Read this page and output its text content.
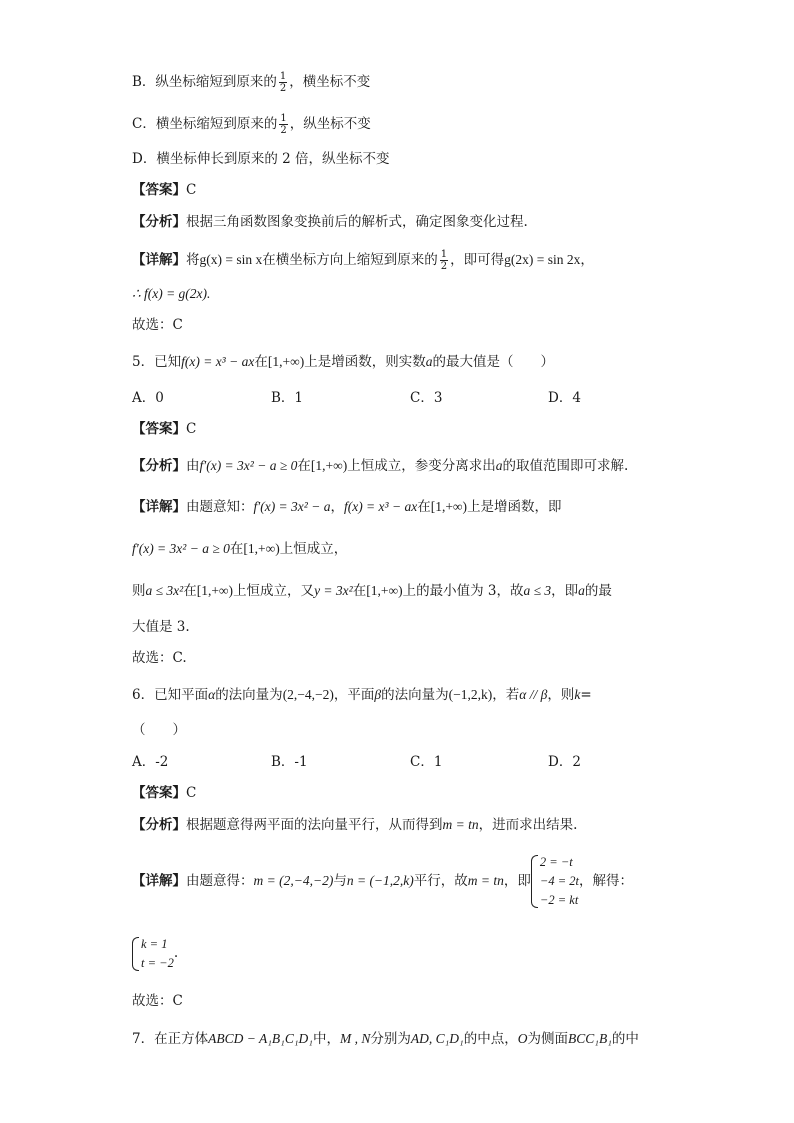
B．纵坐标缩短到原来的 $\frac{1}{2}$ ，横坐标不变
C．横坐标缩短到原来的 $\frac{1}{2}$ ，纵坐标不变
D．横坐标伸长到原来的 2 倍，纵坐标不变
【答案】C
【分析】根据三角函数图象变换前后的解析式，确定图象变化过程.
【详解】将g(x) = sin x在横坐标方向上缩短到原来的 $\frac{1}{2}$ ，即可得g(2x) = sin 2x，
∴ f(x) = g(2x).
故选：C
5．已知f(x) = x³ − ax在[1,+∞)上是增函数，则实数a的最大值是（　　）
A．0	B．1	C．3	D．4
【答案】C
【分析】由f′(x) = 3x² − a ≥ 0在[1,+∞)上恒成立，参变分离求出a的取值范围即可求解.
【详解】由题意知：f′(x) = 3x² − a，f(x) = x³ − ax在[1,+∞)上是增函数，即
f′(x) = 3x² − a ≥ 0在[1,+∞)上恒成立，
则a ≤ 3x²在[1,+∞)上恒成立，又y = 3x²在[1,+∞)上的最小值为 3，故a ≤ 3，即a的最
大值是 3.
故选：C.
6．已知平面α的法向量为(2,−4,−2)，平面β的法向量为(−1,2,k)，若α // β，则k=
（　　）
A．-2	B．-1	C．1	D．2
【答案】C
【分析】根据题意得两平面的法向量平行，从而得到m = tn，进而求出结果.
【详解】由题意得：m = (2,−4,−2)与n = (−1,2,k)平行，故m = tn，即
2 = −t
−4 = 2t
−2 = kt
，解得：
k = 1
t = −2
.
故选：C
7．在正方体ABCD − A₁B₁C₁D₁中，M , N分别为AD, C₁D₁的中点，O为侧面BCC₁B₁的中
